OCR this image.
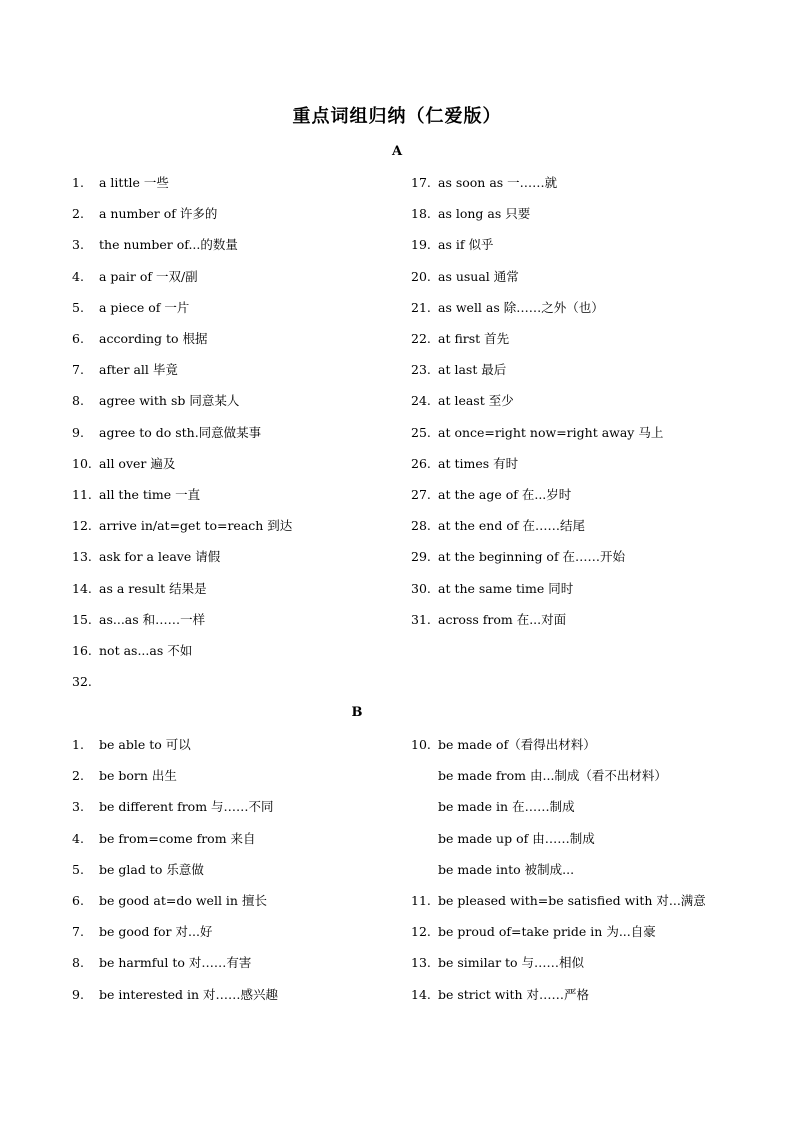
重点词组归纳（仁爱版）
A
1.	a little 一些
2.	a number of 许多的
3.	the number of...的数量
4.	a pair of 一双/副
5.	a piece of 一片
6.	according to 根据
7.	after all 毕竟
8.	agree with sb 同意某人
9.	agree to do sth.同意做某事
10. all over 遍及
11. all the time 一直
12. arrive in/at=get to=reach 到达
13. ask for a leave 请假
14. as a result 结果是
15. as...as 和……一样
16. not as...as 不如
32.
17. as soon as 一……就
18. as long as 只要
19. as if 似乎
20. as usual 通常
21. as well as 除……之外（也）
22. at first 首先
23. at last 最后
24. at least 至少
25. at once=right now=right away 马上
26. at times 有时
27. at the age of 在...岁时
28. at the end of 在……结尾
29. at the beginning of 在……开始
30. at the same time 同时
31. across from 在...对面
B
1.	be able to 可以
2.	be born 出生
3.	be different from 与……不同
4.	be from=come from 来自
5.	be glad to 乐意做
6.	be good at=do well in 擅长
7.	be good for 对...好
8.	be harmful to 对……有害
9.	be interested in 对……感兴趣
10. be made of（看得出材料）
be made from 由...制成（看不出材料）
be made in 在……制成
be made up of 由……制成
be made into 被制成...
11. be pleased with=be satisfied with 对...满意
12. be proud of=take pride in 为...自豪
13. be similar to 与……相似
14. be strict with 对……严格
